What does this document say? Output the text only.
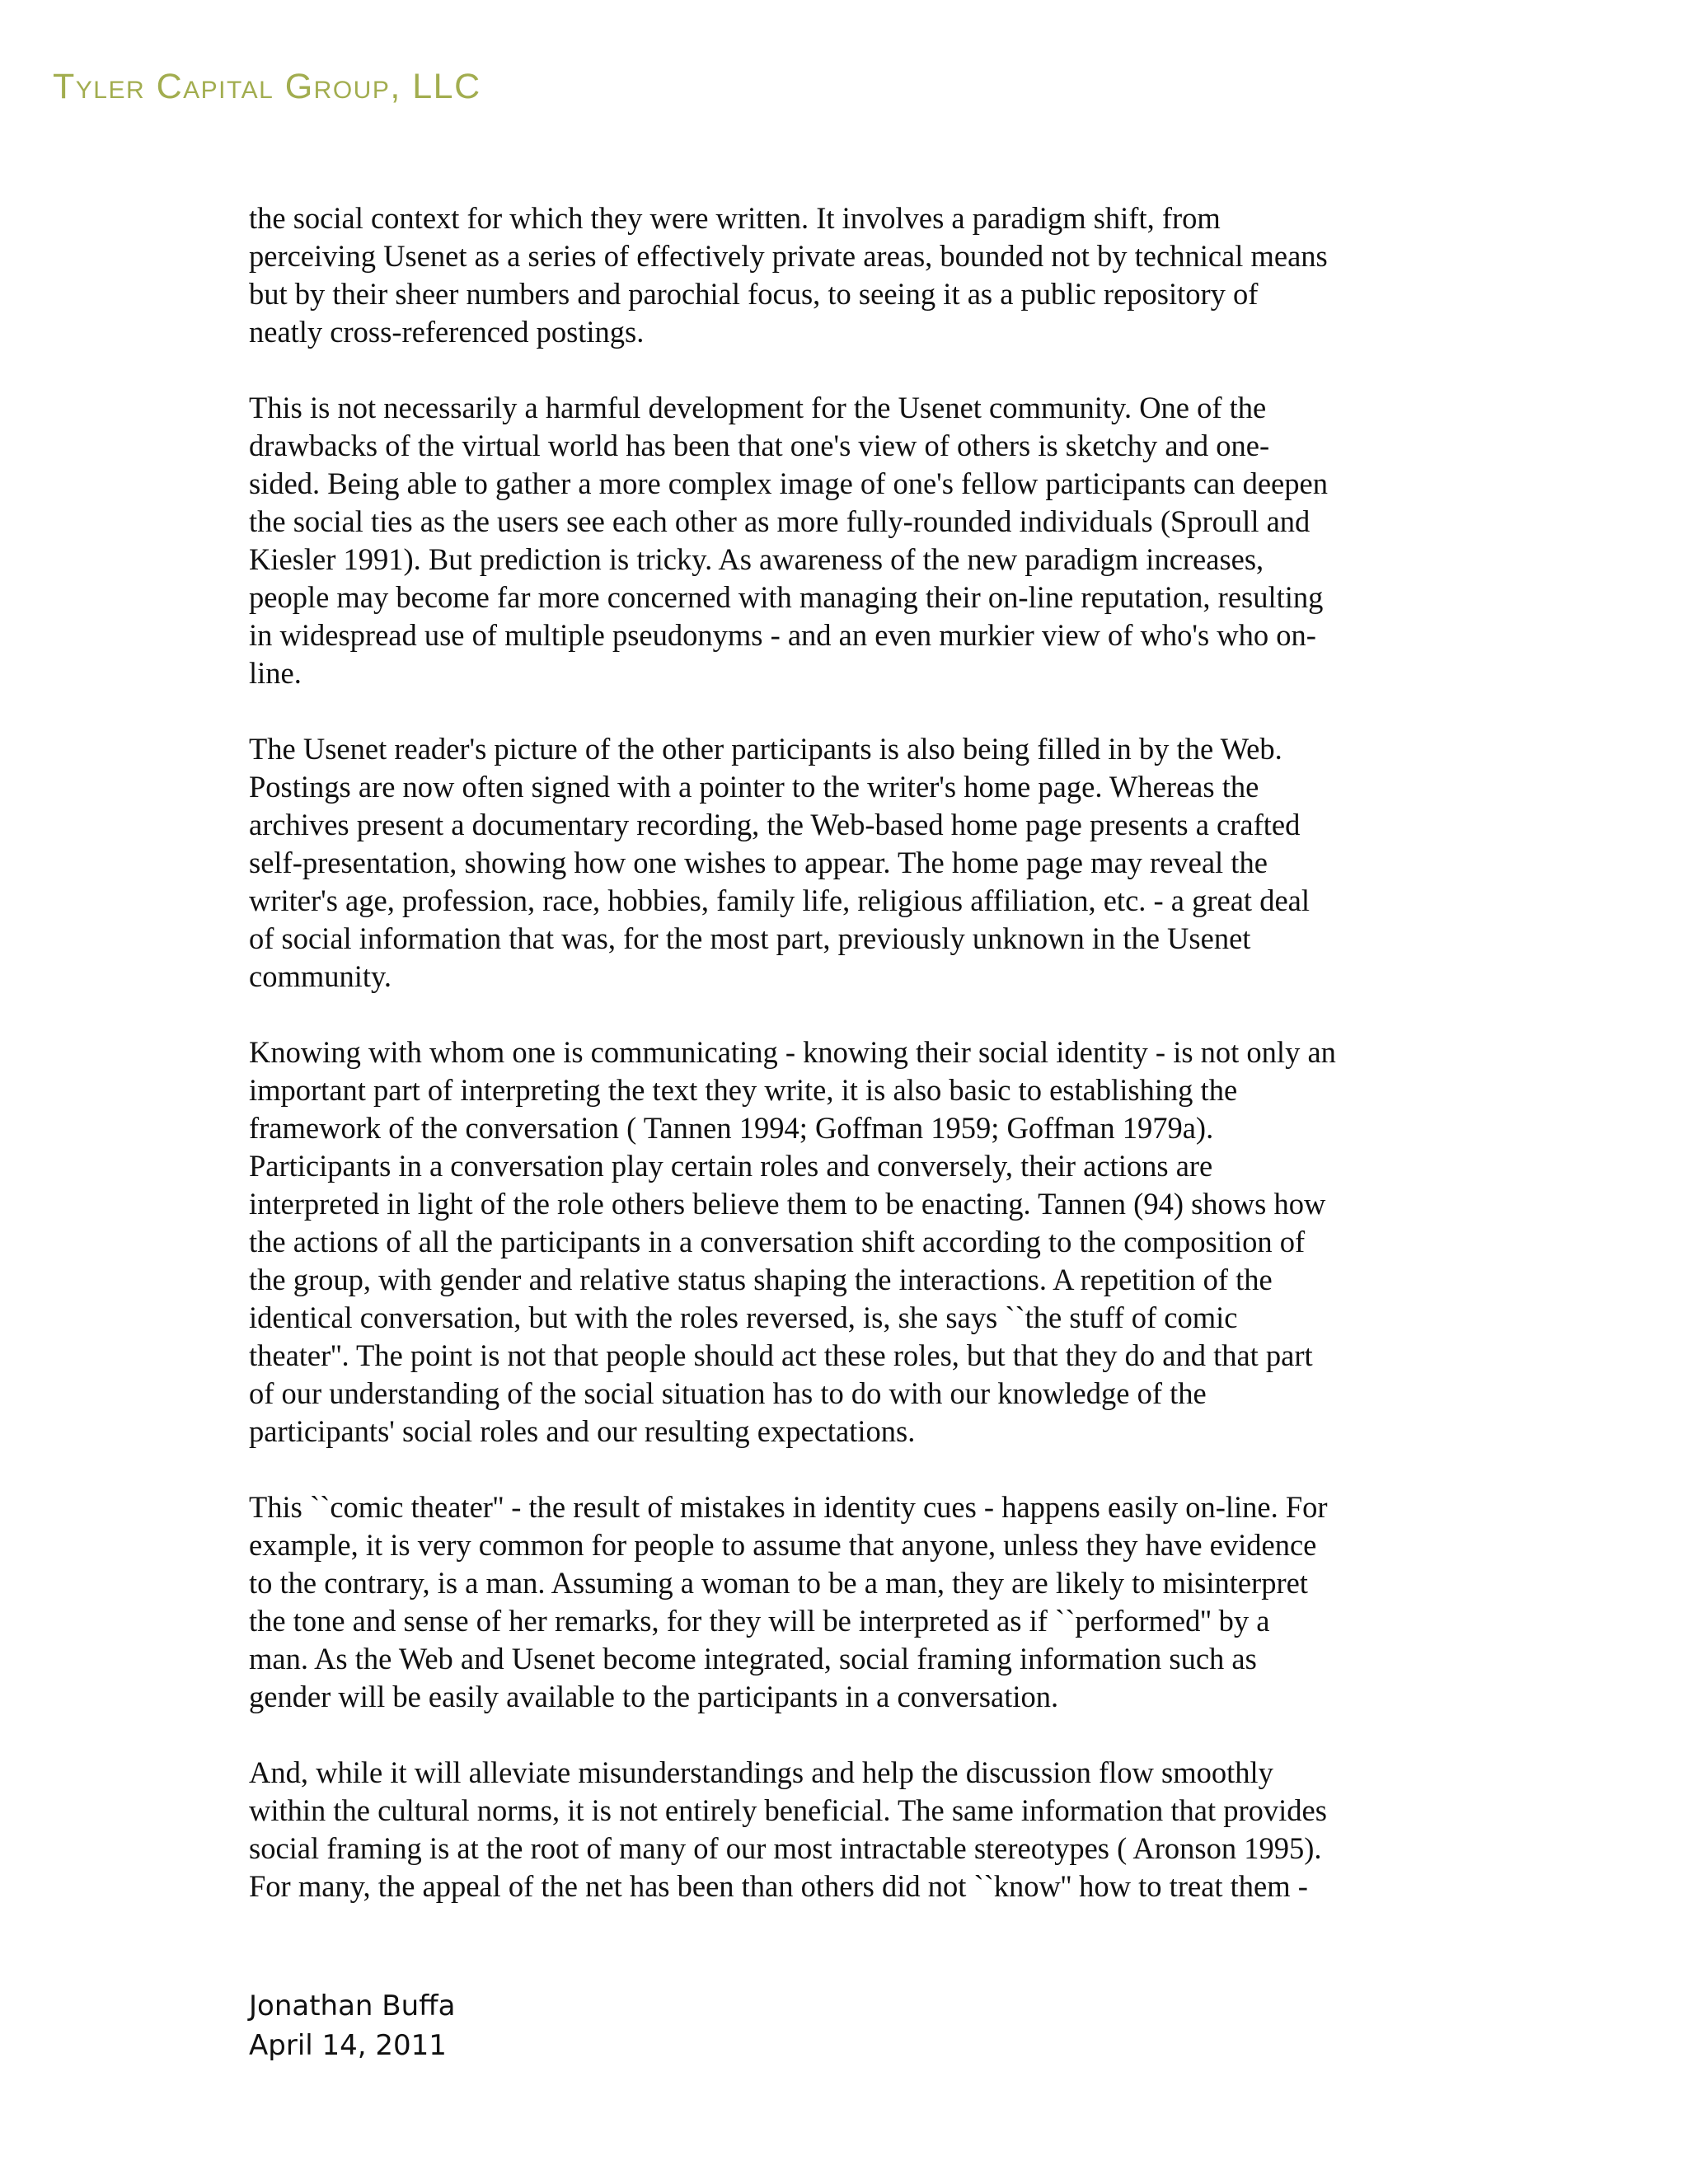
Tyler Capital Group, LLC

the social context for which they were written. It involves a paradigm shift, from
perceiving Usenet as a series of effectively private areas, bounded not by technical means
but by their sheer numbers and parochial focus, to seeing it as a public repository of
neatly cross-referenced postings.

This is not necessarily a harmful development for the Usenet community. One of the
drawbacks of the virtual world has been that one's view of others is sketchy and one-
sided. Being able to gather a more complex image of one's fellow participants can deepen
the social ties as the users see each other as more fully-rounded individuals (Sproull and
Kiesler 1991). But prediction is tricky. As awareness of the new paradigm increases,
people may become far more concerned with managing their on-line reputation, resulting
in widespread use of multiple pseudonyms - and an even murkier view of who's who on-
line.

The Usenet reader's picture of the other participants is also being filled in by the Web.
Postings are now often signed with a pointer to the writer's home page. Whereas the
archives present a documentary recording, the Web-based home page presents a crafted
self-presentation, showing how one wishes to appear. The home page may reveal the
writer's age, profession, race, hobbies, family life, religious affiliation, etc. - a great deal
of social information that was, for the most part, previously unknown in the Usenet
community.

Knowing with whom one is communicating - knowing their social identity - is not only an
important part of interpreting the text they write, it is also basic to establishing the
framework of the conversation ( Tannen 1994; Goffman 1959; Goffman 1979a).
Participants in a conversation play certain roles and conversely, their actions are
interpreted in light of the role others believe them to be enacting. Tannen (94) shows how
the actions of all the participants in a conversation shift according to the composition of
the group, with gender and relative status shaping the interactions. A repetition of the
identical conversation, but with the roles reversed, is, she says ``the stuff of comic
theater''. The point is not that people should act these roles, but that they do and that part
of our understanding of the social situation has to do with our knowledge of the
participants' social roles and our resulting expectations.

This ``comic theater'' - the result of mistakes in identity cues - happens easily on-line. For
example, it is very common for people to assume that anyone, unless they have evidence
to the contrary, is a man. Assuming a woman to be a man, they are likely to misinterpret
the tone and sense of her remarks, for they will be interpreted as if ``performed'' by a
man. As the Web and Usenet become integrated, social framing information such as
gender will be easily available to the participants in a conversation.

And, while it will alleviate misunderstandings and help the discussion flow smoothly
within the cultural norms, it is not entirely beneficial. The same information that provides
social framing is at the root of many of our most intractable stereotypes ( Aronson 1995).
For many, the appeal of the net has been than others did not ``know'' how to treat them -

Jonathan Buffa
April 14, 2011
